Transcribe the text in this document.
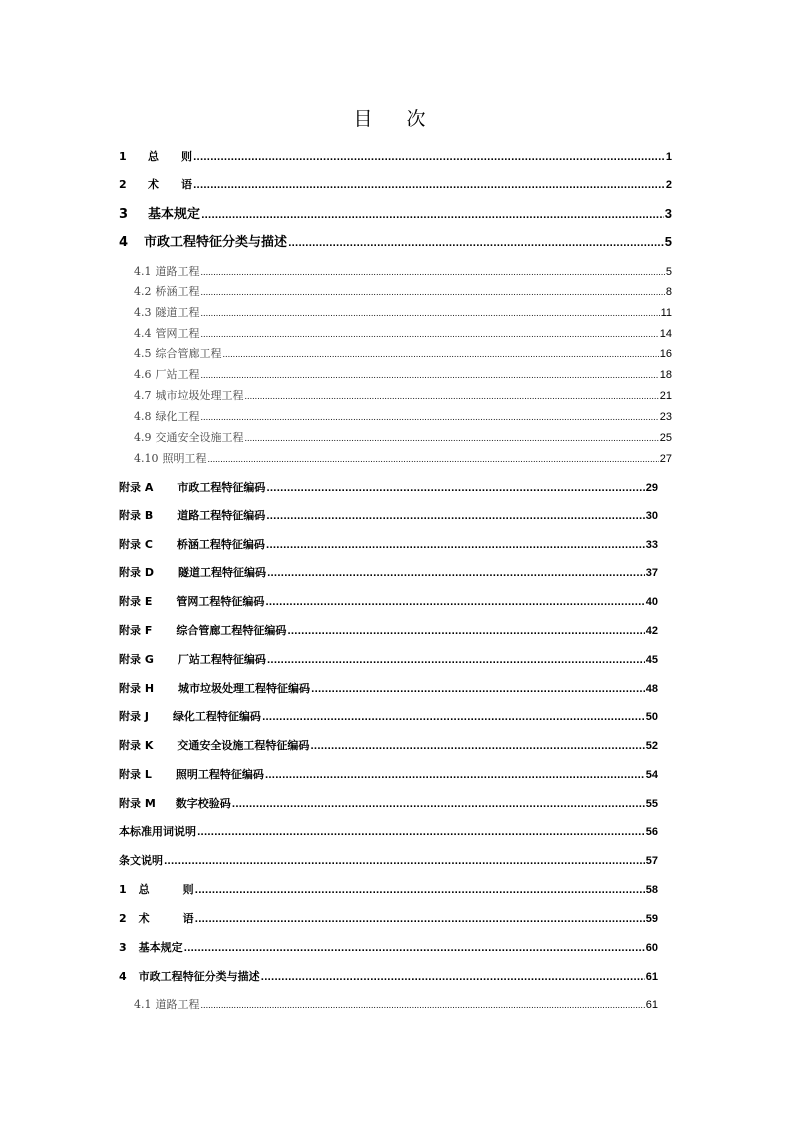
目 次
1 总　　则 .....	1
2 术　　语 .....	2
3 基本规定 .....	3
4 市政工程特征分类与描述 .....	5
4.1 道路工程 .....	5
4.2 桥涵工程 .....	8
4.3 隧道工程 .....	11
4.4 管网工程 .....	14
4.5 综合管廊工程 .....	16
4.6 厂站工程 .....	18
4.7 城市垃圾处理工程 .....	21
4.8 绿化工程 .....	23
4.9 交通安全设施工程 .....	25
4.10 照明工程 .....	27
附录 A 市政工程特征编码 .....	29
附录 B 道路工程特征编码 .....	30
附录 C 桥涵工程特征编码 .....	33
附录 D 隧道工程特征编码 .....	37
附录 E 管网工程特征编码 .....	40
附录 F 综合管廊工程特征编码 .....	42
附录 G 厂站工程特征编码 .....	45
附录 H 城市垃圾处理工程特征编码 .....	48
附录 J 绿化工程特征编码 .....	50
附录 K 交通安全设施工程特征编码 .....	52
附录 L 照明工程特征编码 .....	54
附录 M 数字校验码 .....	55
本标准用词说明 .....	56
条文说明 .....	57
1 总　　　则 .....	58
2 术　　　语 .....	59
3 基本规定 .....	60
4 市政工程特征分类与描述 .....	61
4.1 道路工程 .....	61
